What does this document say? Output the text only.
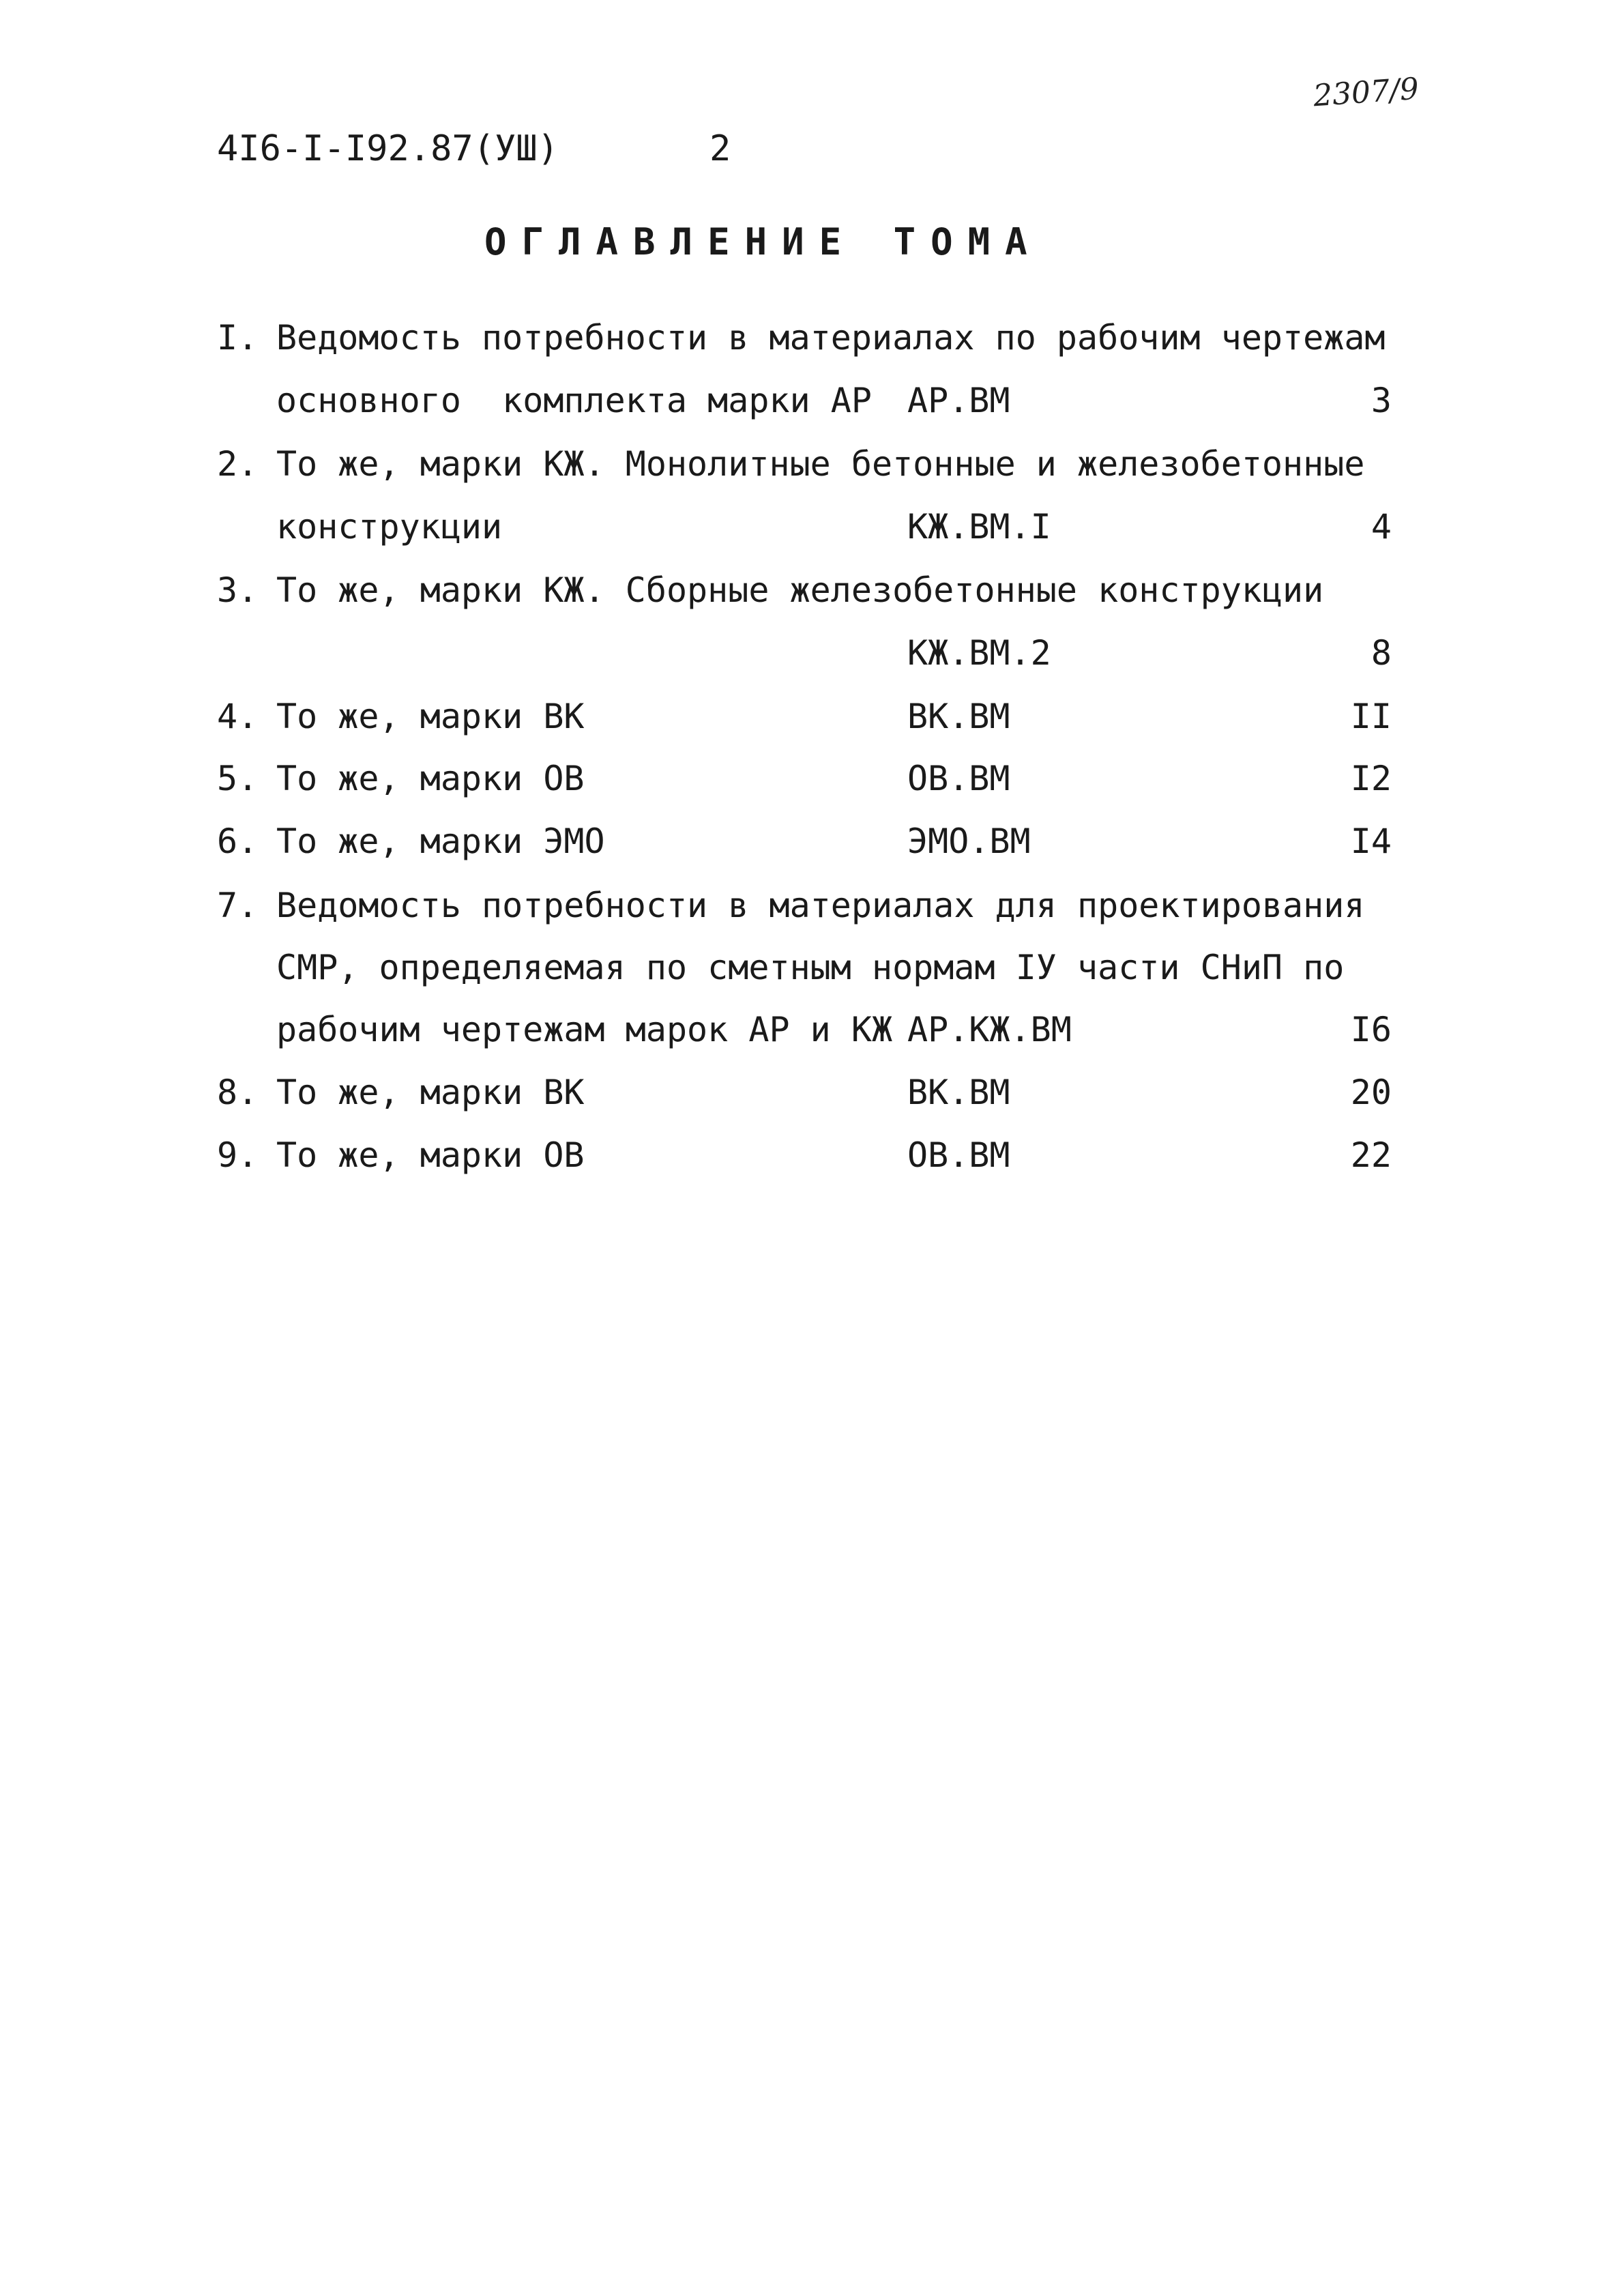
2307/9
4I6-I-I92.87(УШ)	2
ОГЛАВЛЕНИЕ ТОМА
I. Ведомость потребности в материалах по рабочим чертежам
основного  комплекта марки АР АР.ВМ	3
2. То же, марки КЖ. Монолитные бетонные и железобетонные
конструкции	КЖ.ВМ.I	4
3. То же, марки КЖ. Сборные железобетонные конструкции
КЖ.ВМ.2	8
4. То же, марки ВК	ВК.ВМ	II
5. То же, марки ОВ	ОВ.ВМ	I2
6. То же, марки ЭМО	ЭМО.ВМ	I4
7. Ведомость потребности в материалах для проектирования
СМР, определяемая по сметным нормам IУ части СНиП по
рабочим чертежам марок АР и КЖ АР.КЖ.ВМ	I6
8. То же, марки ВК	ВК.ВМ	20
9. То же, марки ОВ	ОВ.ВМ	22
